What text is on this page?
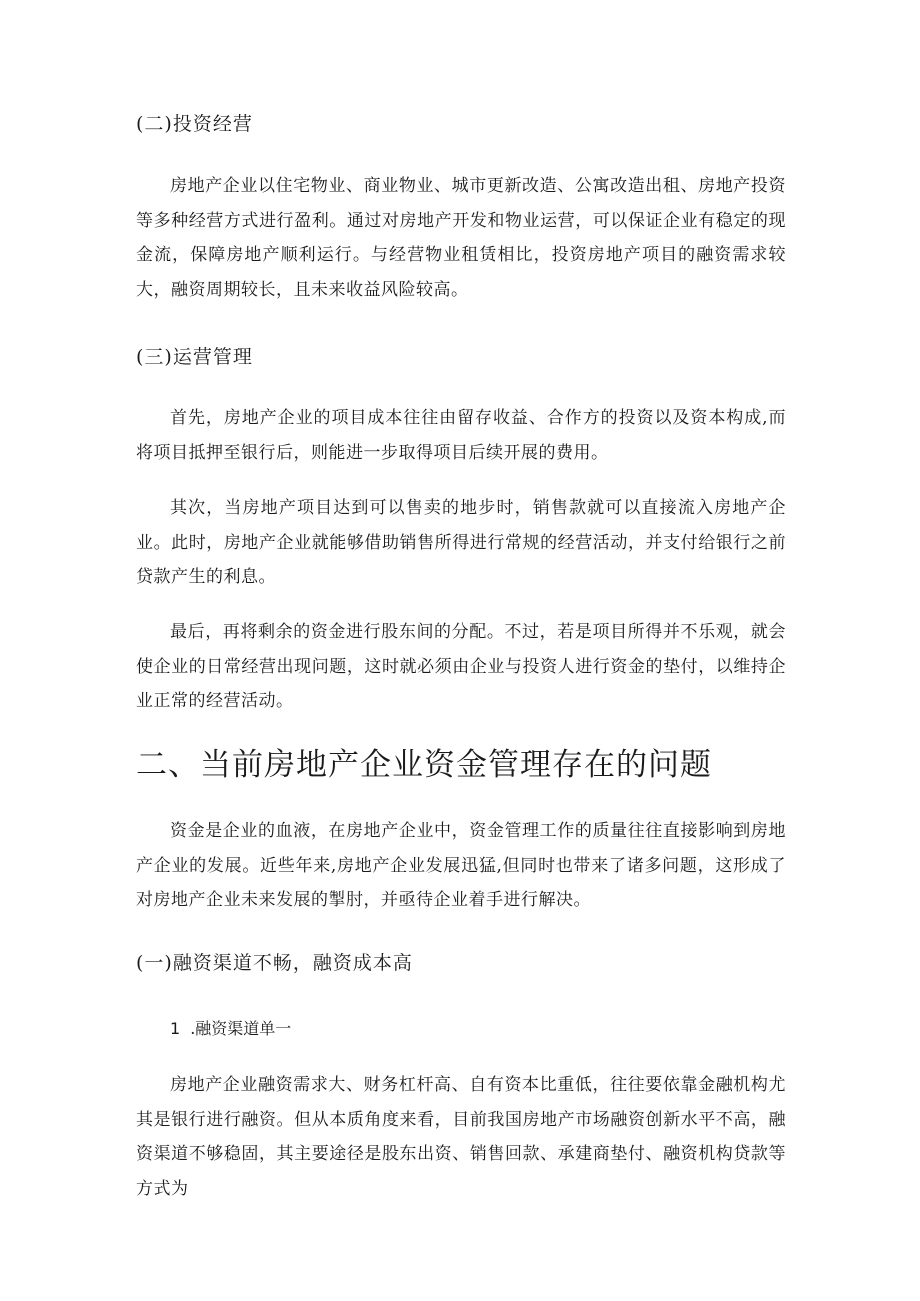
(二)投资经营

房地产企业以住宅物业、商业物业、城市更新改造、公寓改造出租、房地产投资等多种经营方式进行盈利。通过对房地产开发和物业运营，可以保证企业有稳定的现金流，保障房地产顺利运行。与经营物业租赁相比，投资房地产项目的融资需求较大，融资周期较长，且未来收益风险较高。

(三)运营管理

首先，房地产企业的项目成本往往由留存收益、合作方的投资以及资本构成,而将项目抵押至银行后，则能进一步取得项目后续开展的费用。

其次，当房地产项目达到可以售卖的地步时，销售款就可以直接流入房地产企业。此时，房地产企业就能够借助销售所得进行常规的经营活动，并支付给银行之前贷款产生的利息。

最后，再将剩余的资金进行股东间的分配。不过，若是项目所得并不乐观，就会使企业的日常经营出现问题，这时就必须由企业与投资人进行资金的垫付，以维持企业正常的经营活动。

二、当前房地产企业资金管理存在的问题

资金是企业的血液，在房地产企业中，资金管理工作的质量往往直接影响到房地产企业的发展。近些年来,房地产企业发展迅猛,但同时也带来了诸多问题，这形成了对房地产企业未来发展的掣肘，并亟待企业着手进行解决。

(一)融资渠道不畅，融资成本高
1 .融资渠道单一

房地产企业融资需求大、财务杠杆高、自有资本比重低，往往要依靠金融机构尤其是银行进行融资。但从本质角度来看，目前我国房地产市场融资创新水平不高，融资渠道不够稳固，其主要途径是股东出资、销售回款、承建商垫付、融资机构贷款等方式为
